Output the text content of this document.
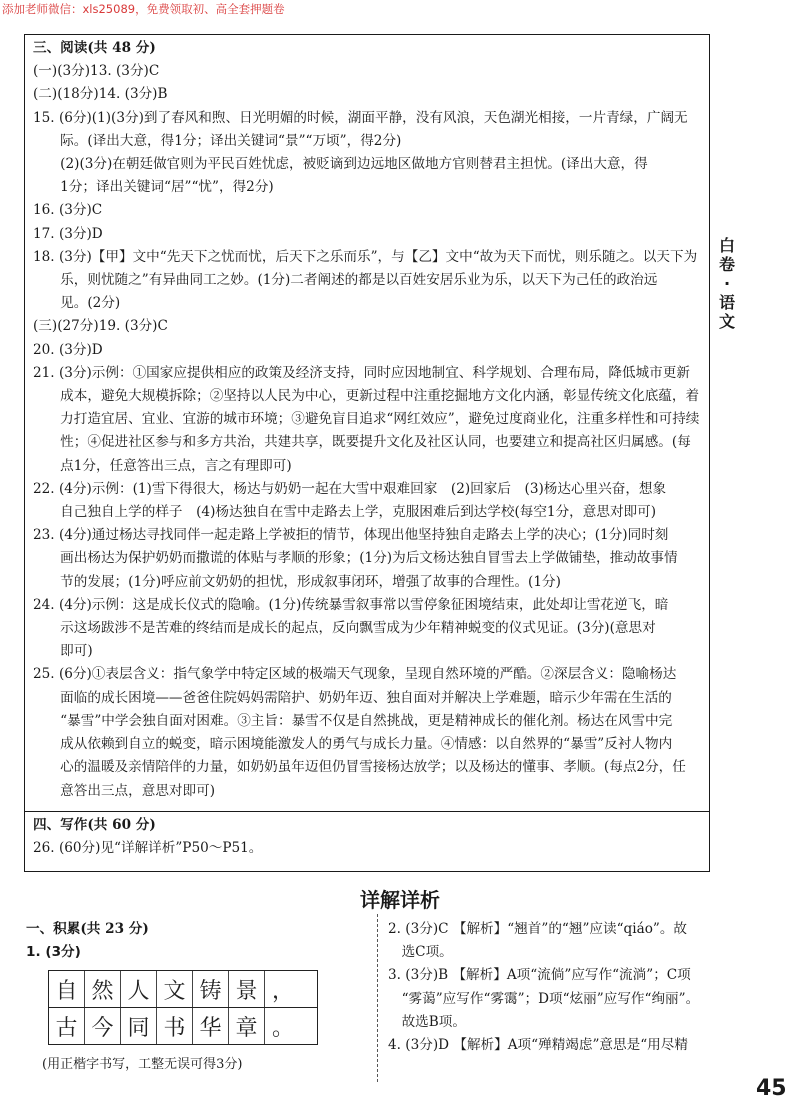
添加老师微信：xls25089，免费领取初、高全套押题卷
三、阅读(共 48 分)
(一)(3分)13. (3分)C
(二)(18分)14. (3分)B
15. (6分)(1)(3分)到了春风和煦、日光明媚的时候，湖面平静，没有风浪，天色湖光相接，一片青绿，广阔无
　　际。(译出大意，得1分；译出关键词“景”“万顷”，得2分)
　　(2)(3分)在朝廷做官则为平民百姓忧虑，被贬谪到边远地区做地方官则替君主担忧。(译出大意，得
　　1分；译出关键词“居”“忧”，得2分)
16. (3分)C
17. (3分)D
18. (3分)【甲】文中“先天下之忧而忧，后天下之乐而乐”，与【乙】文中“故为天下而忧，则乐随之。以天下为
　　乐，则忧随之”有异曲同工之妙。(1分)二者阐述的都是以百姓安居乐业为乐，以天下为己任的政治远
　　见。(2分)
(三)(27分)19. (3分)C
20. (3分)D
21. (3分)示例：①国家应提供相应的政策及经济支持，同时应因地制宜、科学规划、合理布局，降低城市更新
　　成本，避免大规模拆除；②坚持以人民为中心，更新过程中注重挖掘地方文化内涵，彰显传统文化底蕴，着
　　力打造宜居、宜业、宜游的城市环境；③避免盲目追求“网红效应”，避免过度商业化，注重多样性和可持续
　　性；④促进社区参与和多方共治，共建共享，既要提升文化及社区认同，也要建立和提高社区归属感。(每
　　点1分，任意答出三点，言之有理即可)
22. (4分)示例：(1)雪下得很大，杨达与奶奶一起在大雪中艰难回家　(2)回家后　(3)杨达心里兴奋，想象
　　自己独自上学的样子　(4)杨达独自在雪中走路去上学，克服困难后到达学校(每空1分，意思对即可)
23. (4分)通过杨达寻找同伴一起走路上学被拒的情节，体现出他坚持独自走路去上学的决心；(1分)同时刻
　　画出杨达为保护奶奶而撒谎的体贴与孝顺的形象；(1分)为后文杨达独自冒雪去上学做铺垫，推动故事情
　　节的发展；(1分)呼应前文奶奶的担忧，形成叙事闭环，增强了故事的合理性。(1分)
24. (4分)示例：这是成长仪式的隐喻。(1分)传统暴雪叙事常以雪停象征困境结束，此处却让雪花逆飞，暗
　　示这场跋涉不是苦难的终结而是成长的起点，反向飘雪成为少年精神蜕变的仪式见证。(3分)(意思对
　　即可)
25. (6分)①表层含义：指气象学中特定区域的极端天气现象，呈现自然环境的严酷。②深层含义：隐喻杨达
　　面临的成长困境——爸爸住院妈妈需陪护、奶奶年迈、独自面对并解决上学难题，暗示少年需在生活的
　　“暴雪”中学会独自面对困难。③主旨：暴雪不仅是自然挑战，更是精神成长的催化剂。杨达在风雪中完
　　成从依赖到自立的蜕变，暗示困境能激发人的勇气与成长力量。④情感：以自然界的“暴雪”反衬人物内
　　心的温暖及亲情陪伴的力量，如奶奶虽年迈但仍冒雪接杨达放学；以及杨达的懂事、孝顺。(每点2分，任
　　意答出三点，意思对即可)
四、写作(共 60 分)
26. (60分)见“详解详析”P50～P51。
白
卷
·
语
文
详解详析
一、积累(共 23 分)
1. (3分)
自 然 人 文 铸 景 ，
古 今 同 书 华 章 。
(用正楷字书写，工整无误可得3分)
2. (3分)C 【解析】“翘首”的“翘”应读“qiáo”。故
　选C项。
3. (3分)B 【解析】A项“流倘”应写作“流淌”；C项
　“雾蔼”应写作“雾霭”；D项“炫丽”应写作“绚丽”。
　故选B项。
4. (3分)D 【解析】A项“殚精竭虑”意思是“用尽精
45
